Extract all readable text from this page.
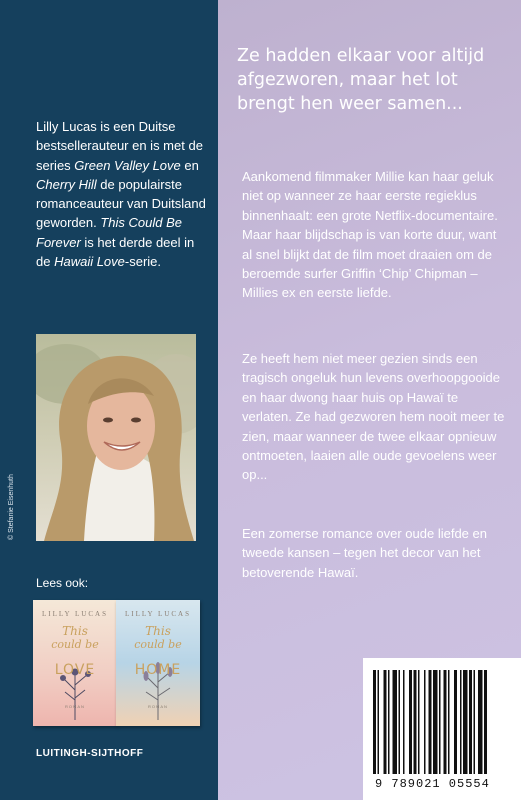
Lilly Lucas is een Duitse bestsellerauteur en is met de series Green Valley Love en Cherry Hill de populairste romanceauteur van Duitsland geworden. This Could Be Forever is het derde deel in de Hawaii Love-serie.

© Stefanie Eisenhuth

Lees ook:

LILLY LUCAS
This
could be
LOVE
ROMAN
LILLY LUCAS
This
could be
HOME
ROMAN

LUITINGH-SIJTHOFF

Ze hadden elkaar voor altijd afgezworen, maar het lot brengt hen weer samen...

Aankomend filmmaker Millie kan haar geluk niet op wanneer ze haar eerste regieklus binnenhaalt: een grote Netflix-documentaire. Maar haar blijdschap is van korte duur, want al snel blijkt dat de film moet draaien om de beroemde surfer Griffin ‘Chip’ Chipman – Millies ex en eerste liefde.

Ze heeft hem niet meer gezien sinds een tragisch ongeluk hun levens overhoopgooide en haar dwong haar huis op Hawaï te verlaten. Ze had gezworen hem nooit meer te zien, maar wanneer de twee elkaar opnieuw ontmoeten, laaien alle oude gevoelens weer op...

Een zomerse romance over oude liefde en tweede kansen – tegen het decor van het betoverende Hawaï.

9 789021 05554
